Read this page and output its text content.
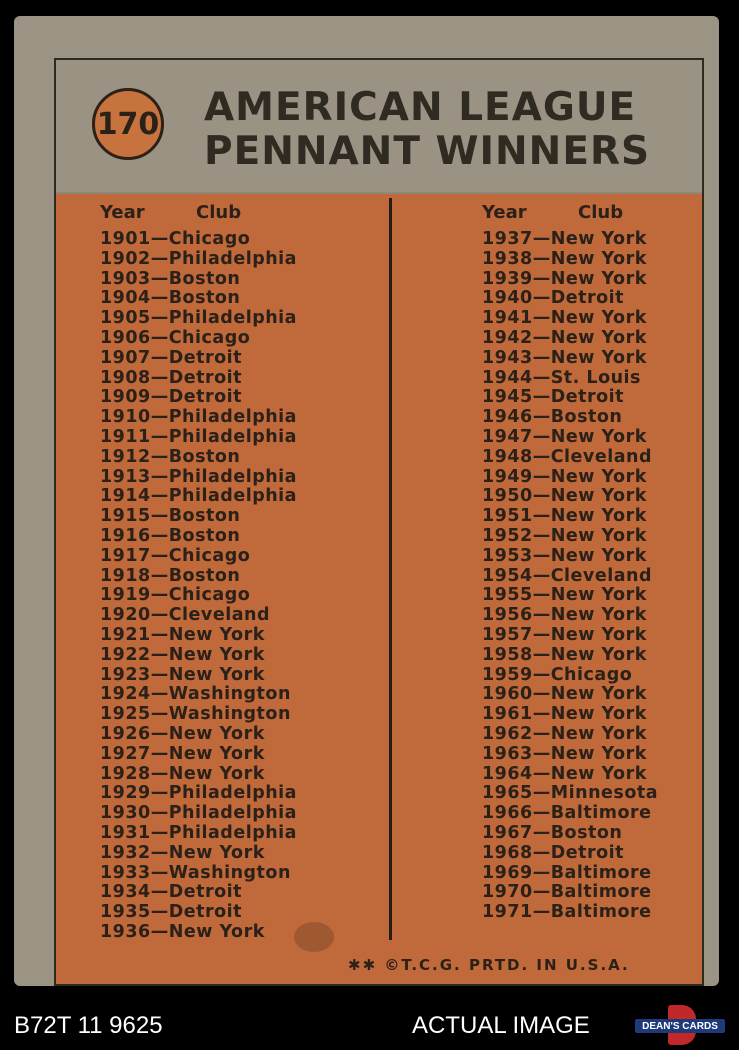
170 AMERICAN LEAGUE
PENNANT WINNERS
Year	Club
1901—Chicago
1902—Philadelphia
1903—Boston
1904—Boston
1905—Philadelphia
1906—Chicago
1907—Detroit
1908—Detroit
1909—Detroit
1910—Philadelphia
1911—Philadelphia
1912—Boston
1913—Philadelphia
1914—Philadelphia
1915—Boston
1916—Boston
1917—Chicago
1918—Boston
1919—Chicago
1920—Cleveland
1921—New York
1922—New York
1923—New York
1924—Washington
1925—Washington
1926—New York
1927—New York
1928—New York
1929—Philadelphia
1930—Philadelphia
1931—Philadelphia
1932—New York
1933—Washington
1934—Detroit
1935—Detroit
1936—New York
Year	Club
1937—New York
1938—New York
1939—New York
1940—Detroit
1941—New York
1942—New York
1943—New York
1944—St. Louis
1945—Detroit
1946—Boston
1947—New York
1948—Cleveland
1949—New York
1950—New York
1951—New York
1952—New York
1953—New York
1954—Cleveland
1955—New York
1956—New York
1957—New York
1958—New York
1959—Chicago
1960—New York
1961—New York
1962—New York
1963—New York
1964—New York
1965—Minnesota
1966—Baltimore
1967—Boston
1968—Detroit
1969—Baltimore
1970—Baltimore
1971—Baltimore
✱✱ ©T.C.G. PRTD. IN U.S.A.
B72T 11 9625	ACTUAL IMAGE	DEAN'S CARDS
